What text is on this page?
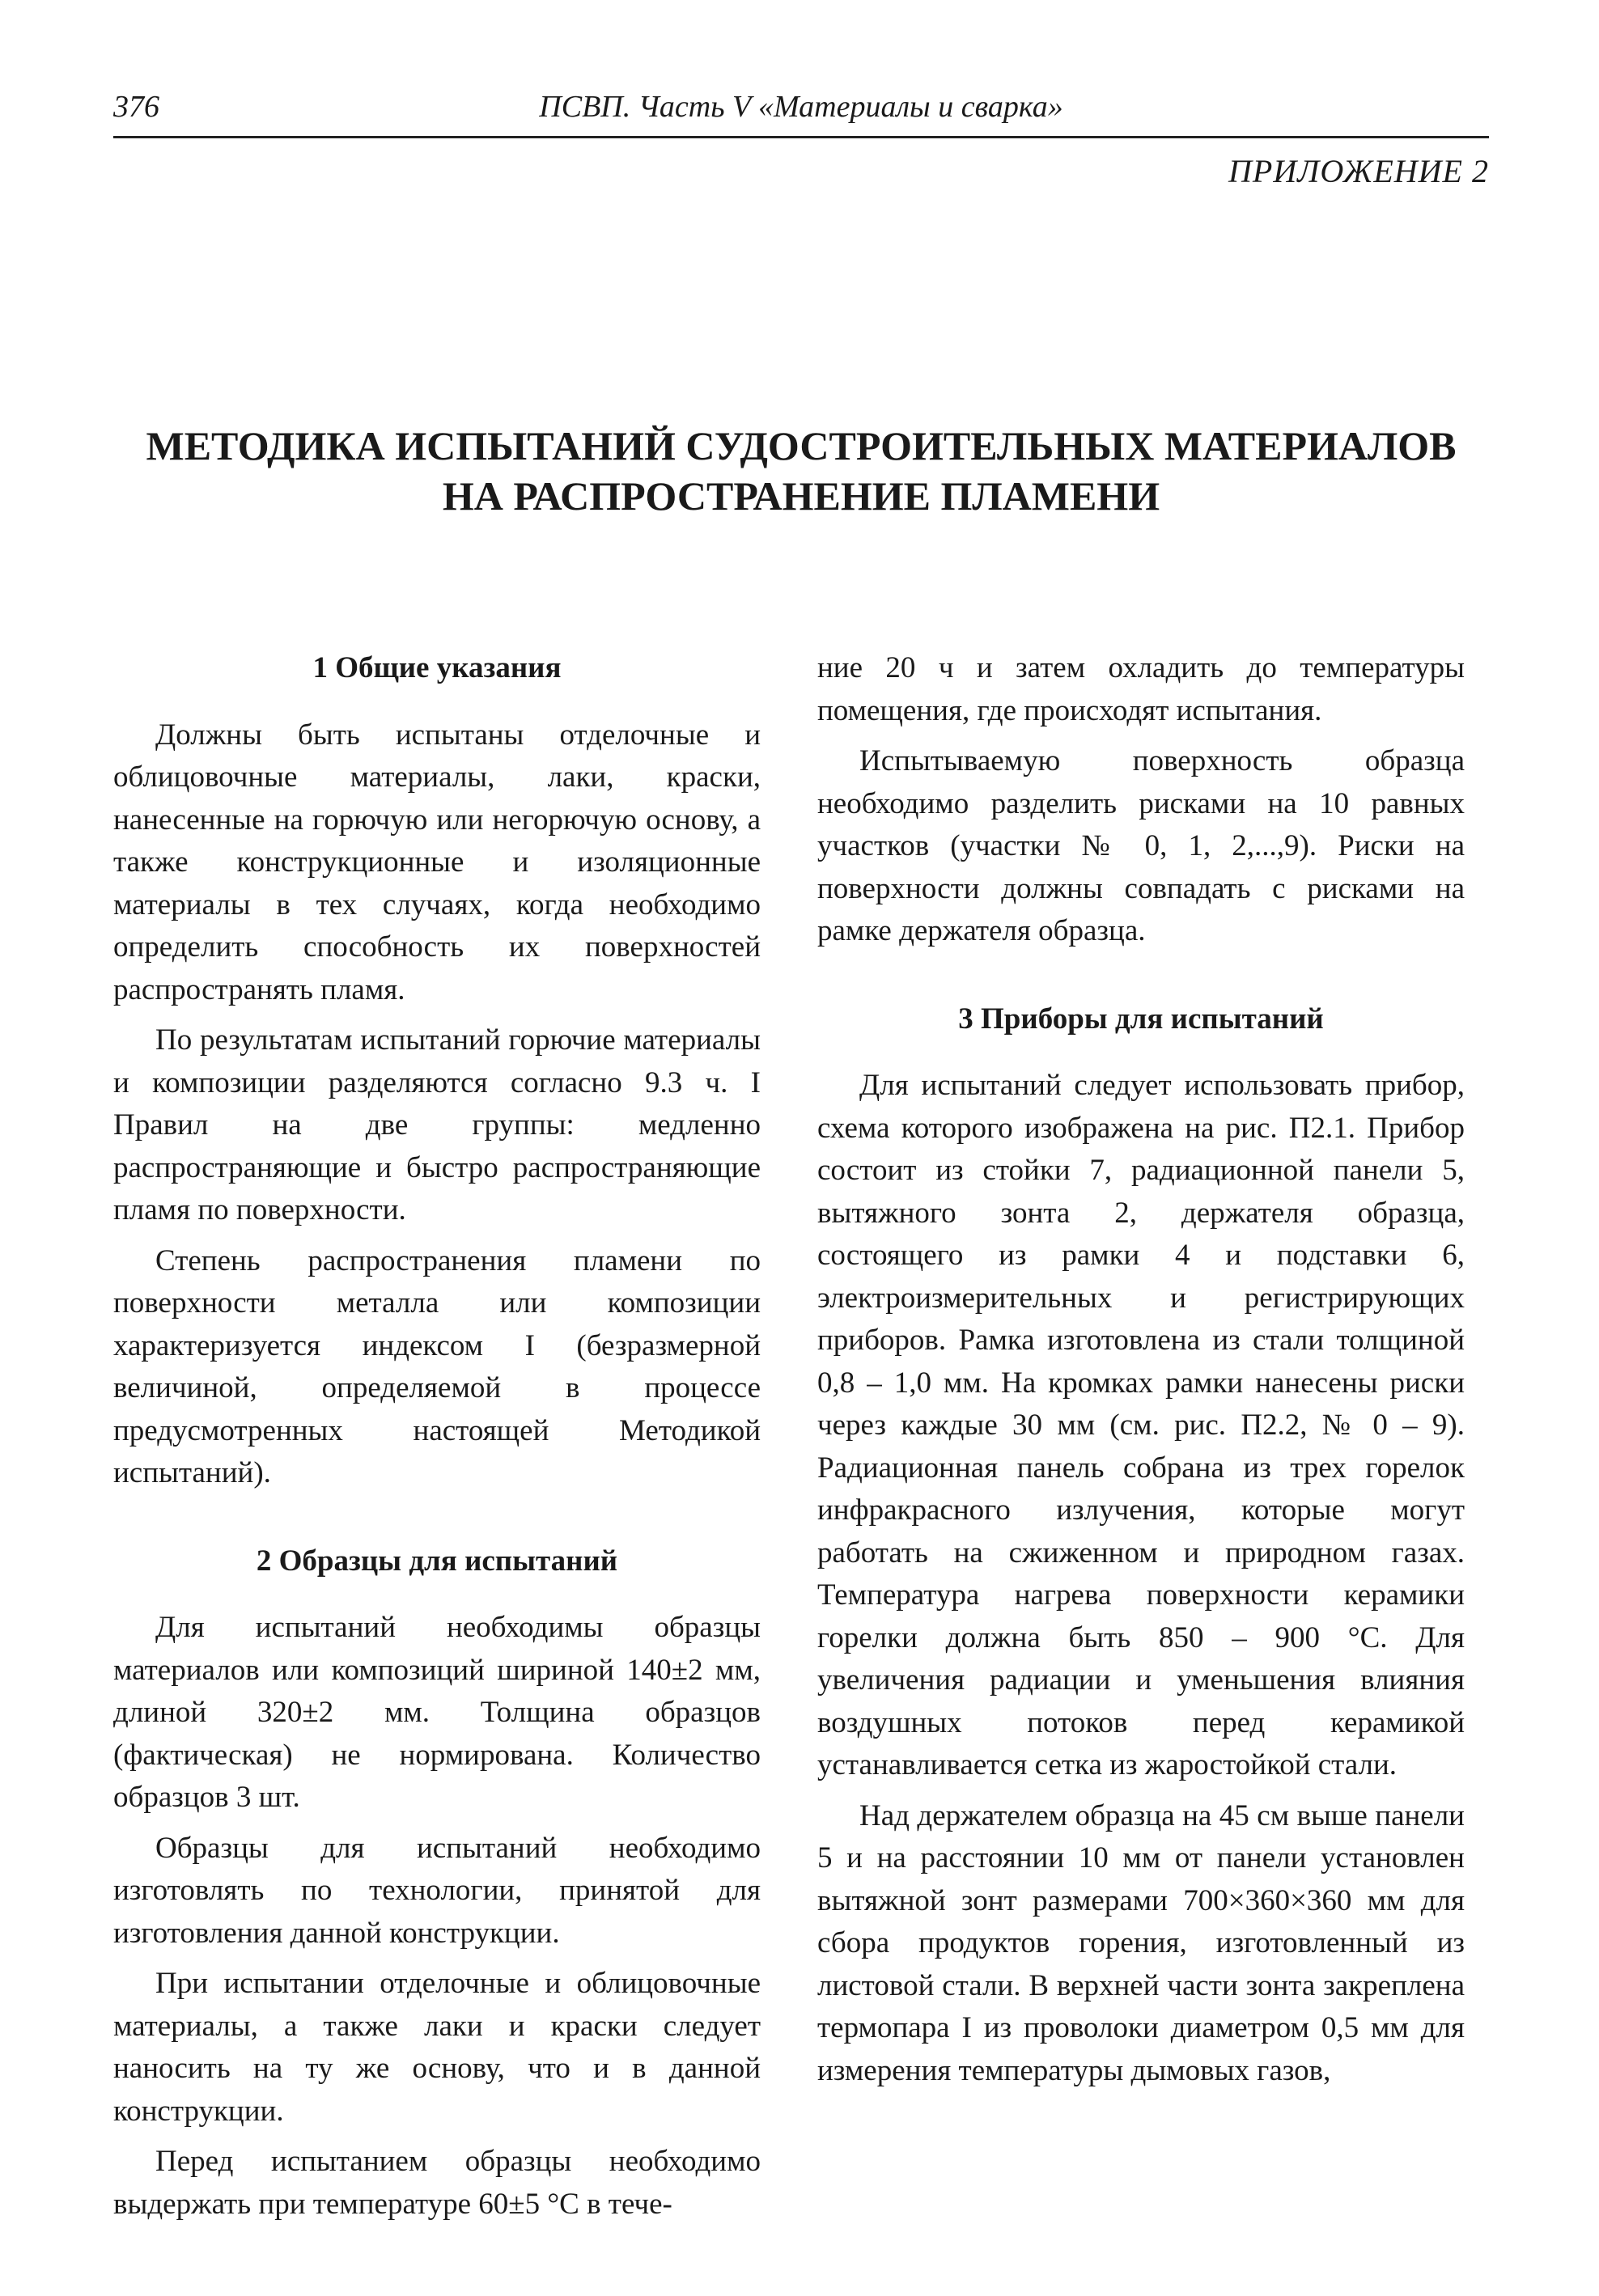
376	ПСВП. Часть V «Материалы и сварка»
ПРИЛОЖЕНИЕ 2
МЕТОДИКА ИСПЫТАНИЙ СУДОСТРОИТЕЛЬНЫХ МАТЕРИАЛОВ
НА РАСПРОСТРАНЕНИЕ ПЛАМЕНИ
1 Общие указания

Должны быть испытаны отделочные и облицовочные материалы, лаки, краски, нанесенные на горючую или негорючую основу, а также конструкционные и изоляционные материалы в тех случаях, когда необходимо определить способность их поверхностей распространять пламя.

По результатам испытаний горючие материалы и композиции разделяются согласно 9.3 ч. I Правил на две группы: медленно распространяющие и быстро распространяющие пламя по поверхности.

Степень распространения пламени по поверхности металла или композиции характеризуется индексом I (безразмерной величиной, определяемой в процессе предусмотренных настоящей Методикой испытаний).

2 Образцы для испытаний

Для испытаний необходимы образцы материалов или композиций шириной 140±2 мм, длиной 320±2 мм. Толщина образцов (фактическая) не нормирована. Количество образцов 3 шт.

Образцы для испытаний необходимо изготовлять по технологии, принятой для изготовления данной конструкции.

При испытании отделочные и облицовочные материалы, а также лаки и краски следует наносить на ту же основу, что и в данной конструкции.

Перед испытанием образцы необходимо выдержать при температуре 60±5 °С в тече-

ние 20 ч и затем охладить до температуры помещения, где происходят испытания.

Испытываемую поверхность образца необходимо разделить рисками на 10 равных участков (участки № 0, 1, 2,...,9). Риски на поверхности должны совпадать с рисками на рамке держателя образца.

3 Приборы для испытаний

Для испытаний следует использовать прибор, схема которого изображена на рис. П2.1. Прибор состоит из стойки 7, радиационной панели 5, вытяжного зонта 2, держателя образца, состоящего из рамки 4 и подставки 6, электроизмерительных и регистрирующих приборов. Рамка изготовлена из стали толщиной 0,8 – 1,0 мм. На кромках рамки нанесены риски через каждые 30 мм (см. рис. П2.2, № 0 – 9). Радиационная панель собрана из трех горелок инфракрасного излучения, которые могут работать на сжиженном и природном газах. Температура нагрева поверхности керамики горелки должна быть 850 – 900 °С. Для увеличения радиации и уменьшения влияния воздушных потоков перед керамикой устанавливается сетка из жаростойкой стали.

Над держателем образца на 45 см выше панели 5 и на расстоянии 10 мм от панели установлен вытяжной зонт размерами 700×360×360 мм для сбора продуктов горения, изготовленный из листовой стали. В верхней части зонта закреплена термопара I из проволоки диаметром 0,5 мм для измерения температуры дымовых газов,
